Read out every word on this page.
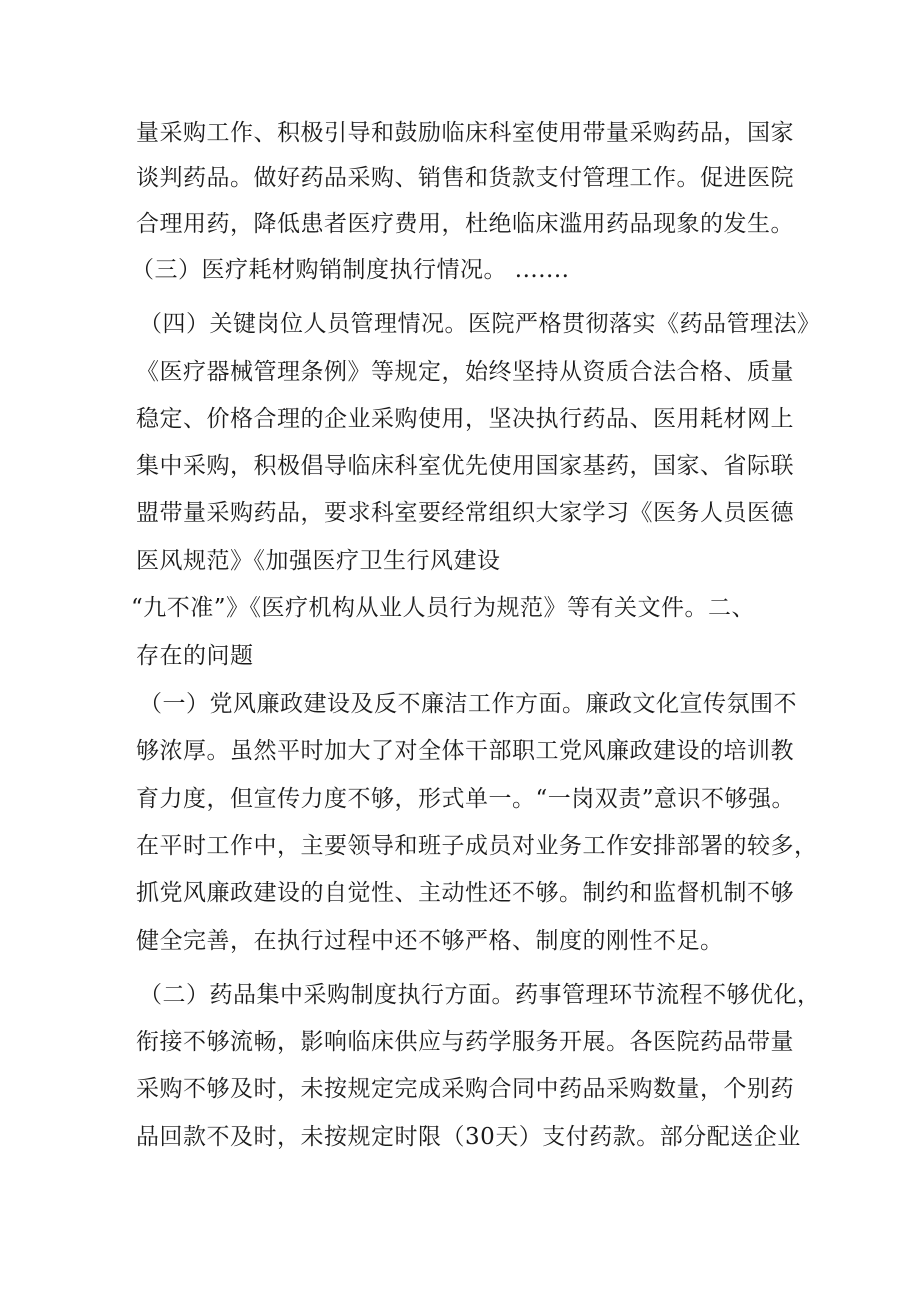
量采购工作、积极引导和鼓励临床科室使用带量采购药品，国家
谈判药品。做好药品采购、销售和货款支付管理工作。促进医院
合理用药，降低患者医疗费用，杜绝临床滥用药品现象的发生。
（三）医疗耗材购销制度执行情况。 .......
（四）关键岗位人员管理情况。医院严格贯彻落实《药品管理法》
《医疗器械管理条例》等规定，始终坚持从资质合法合格、质量
稳定、价格合理的企业采购使用，坚决执行药品、医用耗材网上
集中采购，积极倡导临床科室优先使用国家基药，国家、省际联
盟带量采购药品，要求科室要经常组织大家学习《医务人员医德
医风规范》《加强医疗卫生行风建设
“九不准”》《医疗机构从业人员行为规范》等有关文件。二、
存在的问题
（一）党风廉政建设及反不廉洁工作方面。廉政文化宣传氛围不
够浓厚。虽然平时加大了对全体干部职工党风廉政建设的培训教
育力度，但宣传力度不够，形式单一。“一岗双责”意识不够强。
在平时工作中，主要领导和班子成员对业务工作安排部署的较多，
抓党风廉政建设的自觉性、主动性还不够。制约和监督机制不够
健全完善，在执行过程中还不够严格、制度的刚性不足。
（二）药品集中采购制度执行方面。药事管理环节流程不够优化，
衔接不够流畅，影响临床供应与药学服务开展。各医院药品带量
采购不够及时，未按规定完成采购合同中药品采购数量，个别药
品回款不及时，未按规定时限（30天）支付药款。部分配送企业
